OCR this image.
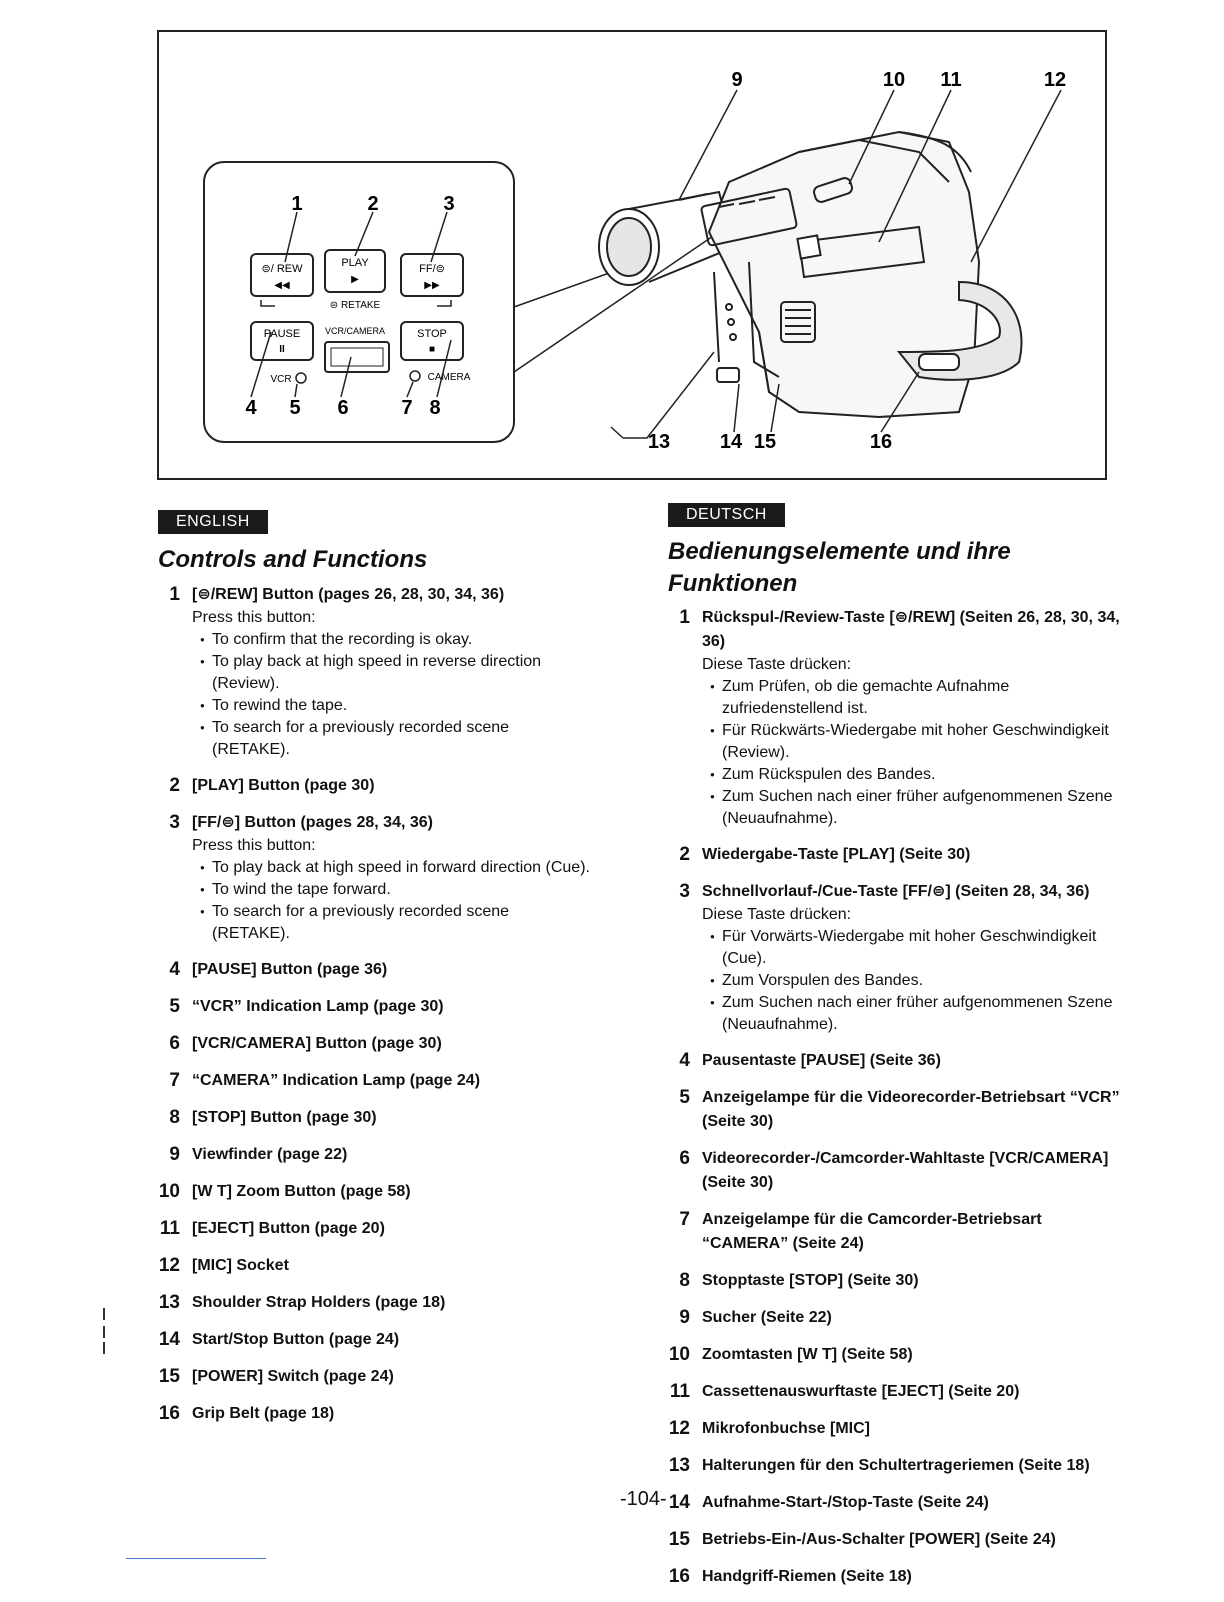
⊜/ REW
◀◀
PLAY
▶
FF/⊜
▶▶
⊜ RETAKE
PAUSE
II
VCR/CAMERA	STOP
■
VCR	CAMERA
1	2	3
4 5 6	7 8
9	10 11	12
13 14 15	16
ENGLISH
Controls and Functions
1 [⊜/REW] Button (pages 26, 28, 30, 34, 36)
Press this button:
● To confirm that the recording is okay.
● To play back at high speed in reverse direction (Review).
● To rewind the tape.
● To search for a previously recorded scene (RETAKE).
2 [PLAY] Button (page 30)
3 [FF/⊜] Button (pages 28, 34, 36)
Press this button:
● To play back at high speed in forward direction (Cue).
● To wind the tape forward.
● To search for a previously recorded scene (RETAKE).
4 [PAUSE] Button (page 36)
5 “VCR” Indication Lamp (page 30)
6 [VCR/CAMERA] Button (page 30)
7 “CAMERA” Indication Lamp (page 24)
8 [STOP] Button (page 30)
9 Viewfinder (page 22)
10 [W T] Zoom Button (page 58)
11 [EJECT] Button (page 20)
12 [MIC] Socket
13 Shoulder Strap Holders (page 18)
14 Start/Stop Button (page 24)
15 [POWER] Switch (page 24)
16 Grip Belt (page 18)
DEUTSCH
Bedienungselemente und ihre Funktionen
1 Rückspul-/Review-Taste [⊜/REW] (Seiten 26, 28, 30, 34, 36)
Diese Taste drücken:
● Zum Prüfen, ob die gemachte Aufnahme zufriedenstellend ist.
● Für Rückwärts-Wiedergabe mit hoher Geschwindigkeit (Review).
● Zum Rückspulen des Bandes.
● Zum Suchen nach einer früher aufgenommenen Szene (Neuaufnahme).
2 Wiedergabe-Taste [PLAY] (Seite 30)
3 Schnellvorlauf-/Cue-Taste [FF/⊜] (Seiten 28, 34, 36)
Diese Taste drücken:
● Für Vorwärts-Wiedergabe mit hoher Geschwindigkeit (Cue).
● Zum Vorspulen des Bandes.
● Zum Suchen nach einer früher aufgenommenen Szene (Neuaufnahme).
4 Pausentaste [PAUSE] (Seite 36)
5 Anzeigelampe für die Videorecorder-Betriebsart “VCR” (Seite 30)
6 Videorecorder-/Camcorder-Wahltaste [VCR/CAMERA] (Seite 30)
7 Anzeigelampe für die Camcorder-Betriebsart “CAMERA” (Seite 24)
8 Stopptaste [STOP] (Seite 30)
9 Sucher (Seite 22)
10 Zoomtasten [W T] (Seite 58)
11 Cassettenauswurftaste [EJECT] (Seite 20)
12 Mikrofonbuchse [MIC]
13 Halterungen für den Schultertrageriemen (Seite 18)
14 Aufnahme-Start-/Stop-Taste (Seite 24)
15 Betriebs-Ein-/Aus-Schalter [POWER] (Seite 24)
16 Handgriff-Riemen (Seite 18)
-104-
